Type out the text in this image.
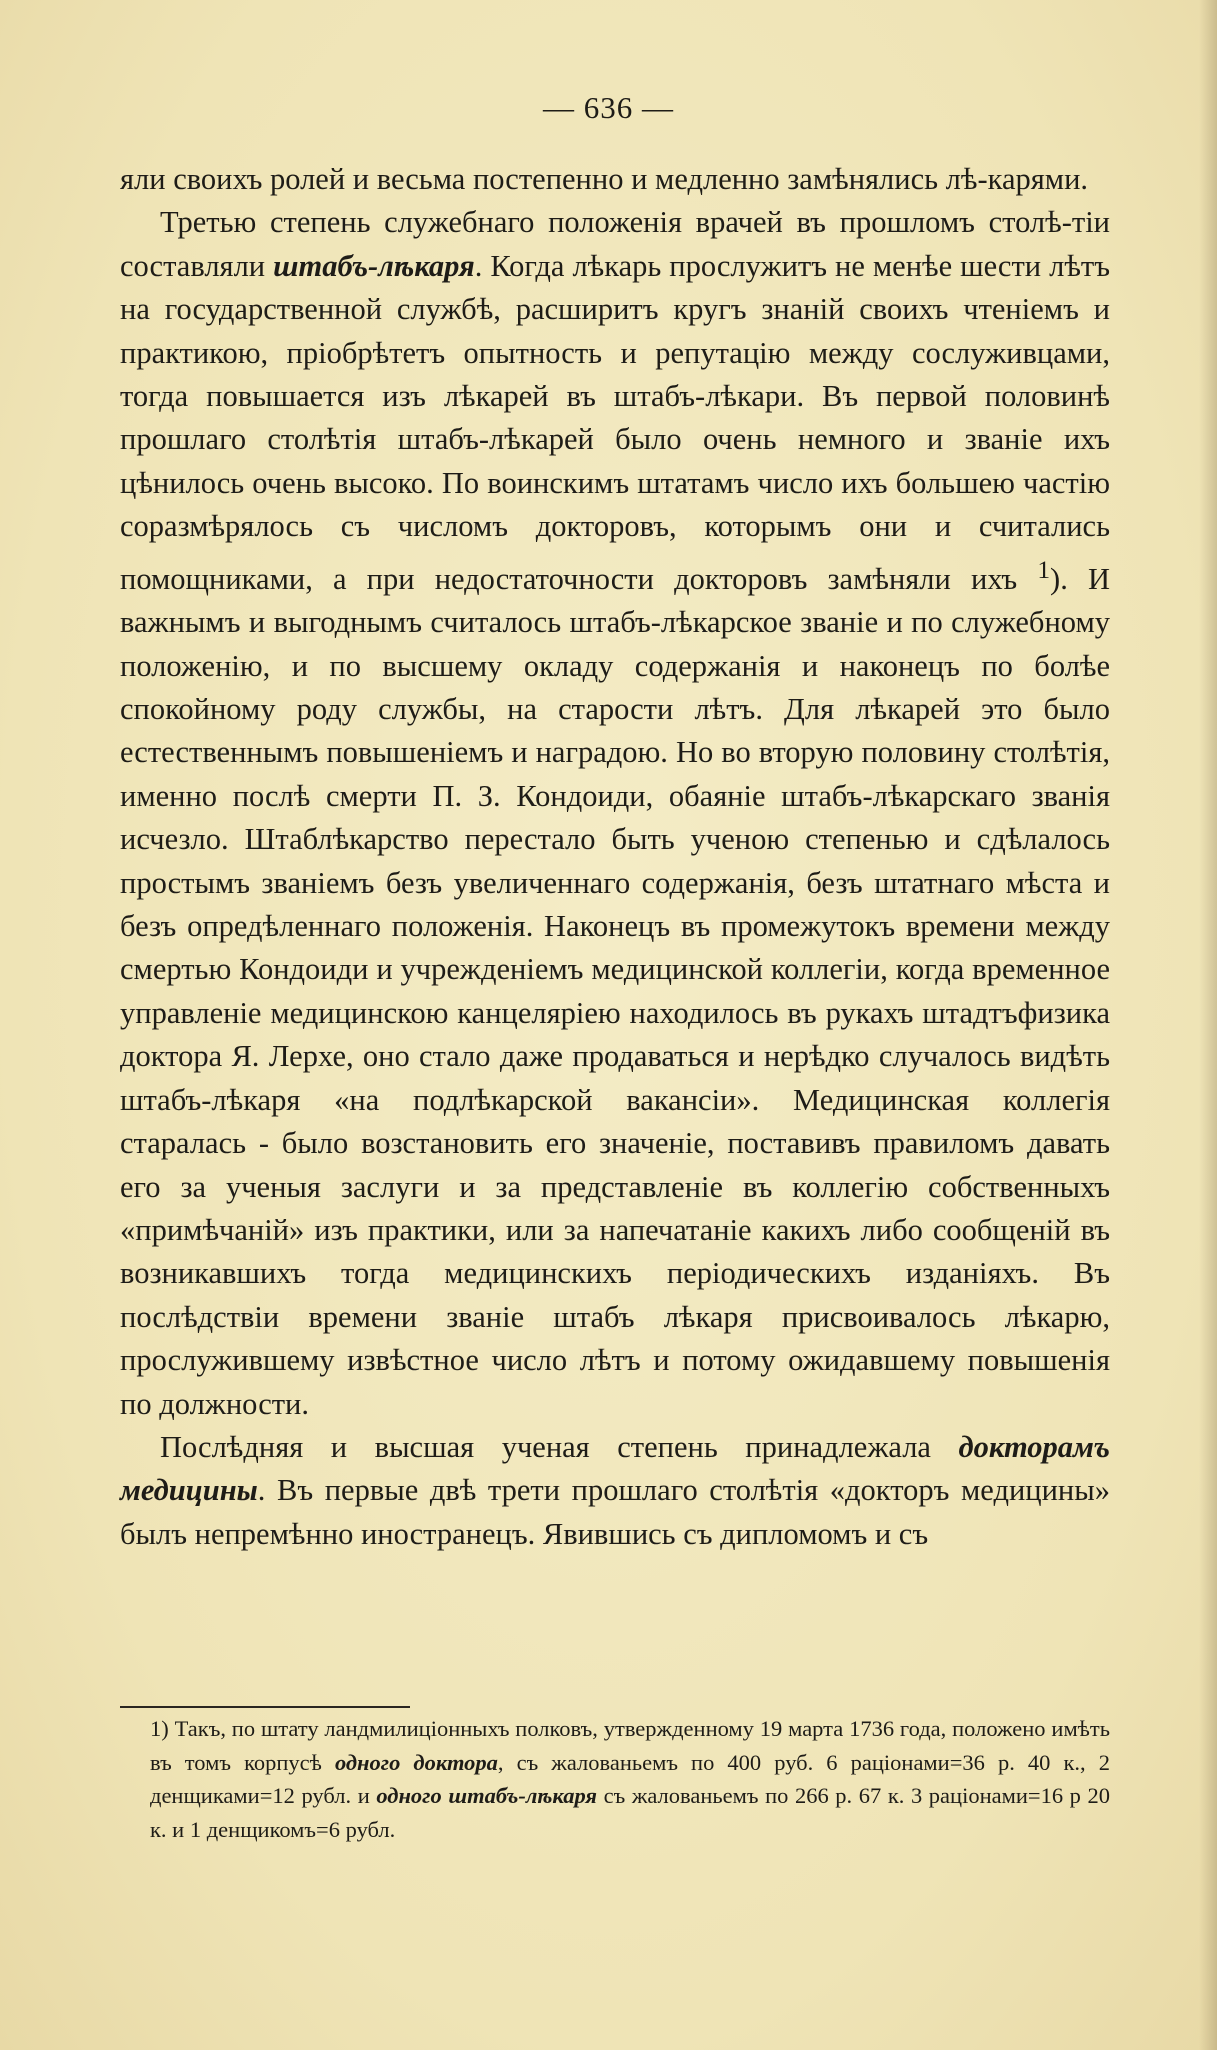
— 636 —

яли своихъ ролей и весьма постепенно и медленно замѣнялись лѣ-карями.

Третью степень служебнаго положенія врачей въ прошломъ столѣ-тіи составляли штабъ-лѣкаря. Когда лѣкарь прослужитъ не менѣе шести лѣтъ на государственной службѣ, расширитъ кругъ знаній своихъ чтеніемъ и практикою, пріобрѣтетъ опытность и репутацію между сослуживцами, тогда повышается изъ лѣкарей въ штабъ-лѣкари. Въ первой половинѣ прошлаго столѣтія штабъ-лѣкарей было очень немного и званіе ихъ цѣнилось очень высоко. По воинскимъ штатамъ число ихъ большею частію соразмѣрялось съ числомъ докторовъ, которымъ они и считались помощниками, а при недостаточности докторовъ замѣняли ихъ $^1$). И важнымъ и выгоднымъ считалось штабъ-лѣкарское званіе и по служебному положенію, и по высшему окладу содержанія и наконецъ по болѣе спокойному роду службы, на старости лѣтъ. Для лѣкарей это было естественнымъ повышеніемъ и наградою. Но во вторую половину столѣтія, именно послѣ смерти П. З. Кондоиди, обаяніе штабъ-лѣкарскаго званія исчезло. Штаблѣкарство перестало быть ученою степенью и сдѣлалось простымъ званіемъ безъ увеличеннаго содержанія, безъ штатнаго мѣста и безъ опредѣленнаго положенія. Наконецъ въ промежутокъ времени между смертью Кондоиди и учрежденіемъ медицинской коллегіи, когда временное управленіе медицинскою канцеляріею находилось въ рукахъ штадтъфизика доктора Я. Лерхе, оно стало даже продаваться и нерѣдко случалось видѣть штабъ-лѣкаря «на подлѣкарской вакансіи». Медицинская коллегія старалась - было возстановить его значеніе, поставивъ правиломъ давать его за ученыя заслуги и за представленіе въ коллегію собственныхъ «примѣчаній» изъ практики, или за напечатаніе какихъ либо сообщеній въ возникавшихъ тогда медицинскихъ періодическихъ изданіяхъ. Въ послѣдствіи времени званіе штабъ лѣкаря присвоивалось лѣкарю, прослужившему извѣстное число лѣтъ и потому ожидавшему повышенія по должности.

Послѣдняя и высшая ученая степень принадлежала докторамъ медицины. Въ первые двѣ трети прошлаго столѣтія «докторъ медицины» былъ непремѣнно иностранецъ. Явившись съ дипломомъ и съ

1) Такъ, по штату ландмилиціонныхъ полковъ, утвержденному 19 марта 1736 года, положено имѣть въ томъ корпусѣ одного доктора, съ жалованьемъ по 400 руб. 6 раціонами=36 р. 40 к., 2 денщиками=12 рубл. и одного штабъ-лѣкаря съ жалованьемъ по 266 р. 67 к. 3 раціонами=16 р 20 к. и 1 денщикомъ=6 рубл.
